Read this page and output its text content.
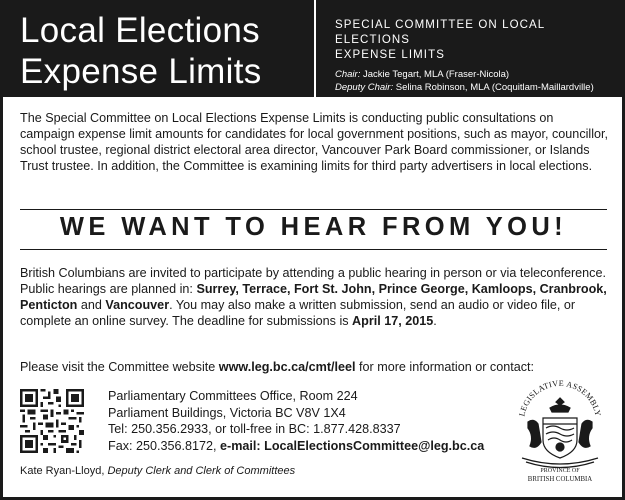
Local Elections
Expense Limits
SPECIAL COMMITTEE ON LOCAL ELECTIONS
EXPENSE LIMITS
Chair: Jackie Tegart, MLA (Fraser-Nicola)
Deputy Chair: Selina Robinson, MLA (Coquitlam-Maillardville)

The Special Committee on Local Elections Expense Limits is conducting public consultations on campaign expense limit amounts for candidates for local government positions, such as mayor, councillor, school trustee, regional district electoral area director, Vancouver Park Board commissioner, or Islands Trust trustee. In addition, the Committee is examining limits for third party advertisers in local elections.

WE WANT TO HEAR FROM YOU!

British Columbians are invited to participate by attending a public hearing in person or via teleconference. Public hearings are planned in: Surrey, Terrace, Fort St. John, Prince George, Kamloops, Cranbrook, Penticton and Vancouver. You may also make a written submission, send an audio or video file, or complete an online survey. The deadline for submissions is April 17, 2015.

Please visit the Committee website www.leg.bc.ca/cmt/leel for more information or contact:

Parliamentary Committees Office, Room 224
Parliament Buildings, Victoria BC V8V 1X4
Tel: 250.356.2933, or toll-free in BC: 1.877.428.8337
Fax: 250.356.8172, e-mail: LocalElectionsCommittee@leg.bc.ca
Kate Ryan-Lloyd, Deputy Clerk and Clerk of Committees
LEGISLATIVE ASSEMBLY
PROVINCE OF
BRITISH COLUMBIA
